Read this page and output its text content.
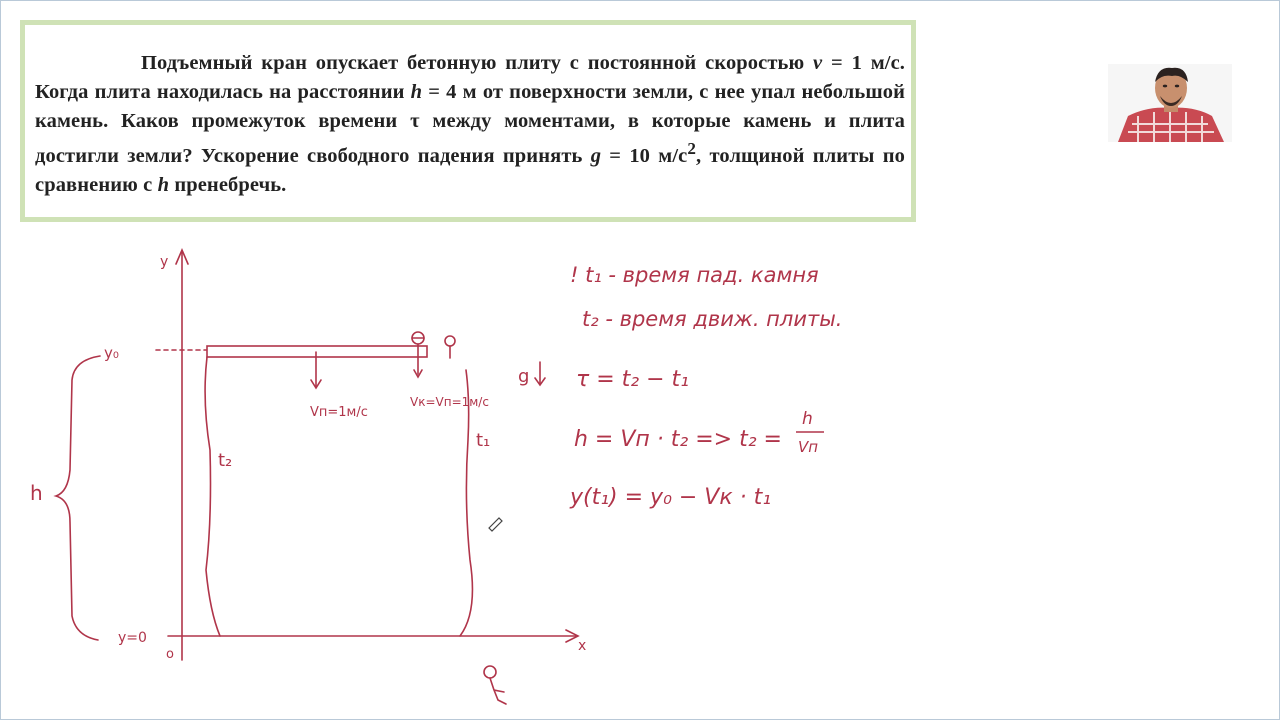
Подъемный кран опускает бетонную плиту с постоянной скоростью v = 1 м/с. Когда плита находилась на расстоянии h = 4 м от поверхности земли, с нее упал небольшой камень. Каков промежуток времени τ между моментами, в которые камень и плита достигли земли? Ускорение свободного падения принять g = 10 $м/с^2$, толщиной плиты по сравнению с h пренебречь.
y
x
o
y₀
y=0
h
t₂
t₁
Vп=1м/с
Vк=Vп=1м/с
g
! t₁ - время пад. камня
t₂ - время движ. плиты.
τ = t₂ − t₁
h = Vп · t₂ => t₂ =
h
Vп
y(t₁) = y₀ − Vк · t₁
